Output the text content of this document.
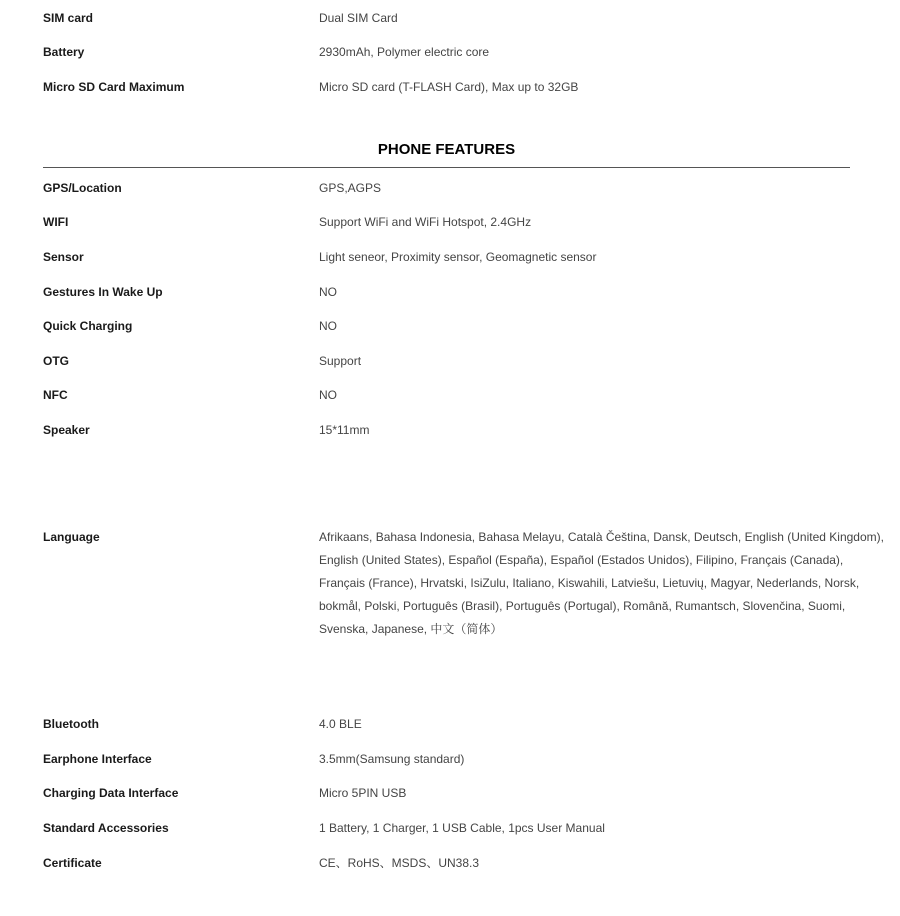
SIM card	Dual SIM Card
Battery	2930mAh, Polymer electric core
Micro SD Card Maximum	Micro SD card (T-FLASH Card), Max up to 32GB
PHONE FEATURES
GPS/Location	GPS,AGPS
WIFI	Support WiFi and WiFi Hotspot, 2.4GHz
Sensor	Light seneor, Proximity sensor, Geomagnetic sensor
Gestures In Wake Up	NO
Quick Charging	NO
OTG	Support
NFC	NO
Speaker	15*11mm
Language	Afrikaans, Bahasa Indonesia, Bahasa Melayu, Català Čeština, Dansk, Deutsch, English (United Kingdom),
English (United States), Español (España), Español (Estados Unidos), Filipino, Français (Canada),
Français (France), Hrvatski, IsiZulu, Italiano, Kiswahili, Latviešu, Lietuvių, Magyar, Nederlands, Norsk,
bokmål, Polski, Português (Brasil), Português (Portugal), Română, Rumantsch, Slovenčina, Suomi,
Svenska, Japanese, 中文（简体）
Bluetooth	4.0 BLE
Earphone Interface	3.5mm(Samsung standard)
Charging Data Interface	Micro 5PIN USB
Standard Accessories	1 Battery, 1 Charger, 1 USB Cable, 1pcs User Manual
Certificate	CE、RoHS、MSDS、UN38.3
